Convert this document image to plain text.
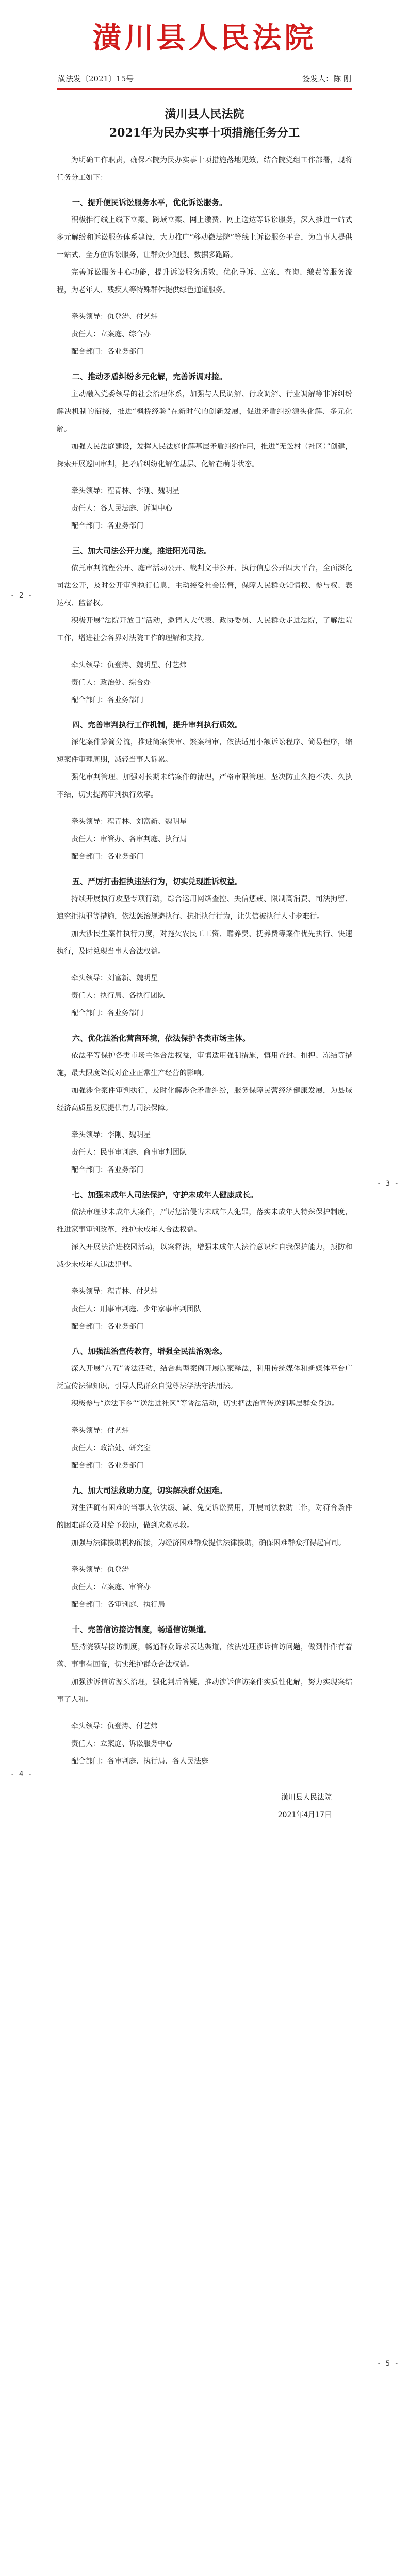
潢川县人民法院
潢法发〔2021〕15号	签发人：陈 刚
潢川县人民法院
2021年为民办实事十项措施任务分工

为明确工作职责，确保本院为民办实事十项措施落地见效，结合院党组工作部署，现将任务分工如下：

一、提升便民诉讼服务水平，优化诉讼服务。

积极推行线上线下立案、跨域立案、网上缴费、网上送达等诉讼服务，深入推进一站式多元解纷和诉讼服务体系建设，大力推广“移动微法院”等线上诉讼服务平台，为当事人提供一站式、全方位诉讼服务，让群众少跑腿、数据多跑路。

完善诉讼服务中心功能，提升诉讼服务质效，优化导诉、立案、查询、缴费等服务流程，为老年人、残疾人等特殊群体提供绿色通道服务。

牵头领导：仇登涛、付艺炜

责任人：立案庭、综合办

配合部门：各业务部门

二、推动矛盾纠纷多元化解，完善诉调对接。

主动融入党委领导的社会治理体系，加强与人民调解、行政调解、行业调解等非诉纠纷解决机制的衔接，推进“枫桥经验”在新时代的创新发展，促进矛盾纠纷源头化解、多元化解。

加强人民法庭建设，发挥人民法庭化解基层矛盾纠纷作用，推进“无讼村（社区）”创建，探索开展巡回审判，把矛盾纠纷化解在基层、化解在萌芽状态。

牵头领导：程青林、李刚、魏明星

责任人：各人民法庭、诉调中心

配合部门：各业务部门

三、加大司法公开力度，推进阳光司法。

依托审判流程公开、庭审活动公开、裁判文书公开、执行信息公开四大平台，全面深化司法公开，及时公开审判执行信息，主动接受社会监督，保障人民群众知情权、参与权、表达权、监督权。

积极开展“法院开放日”活动，邀请人大代表、政协委员、人民群众走进法院，了解法院工作，增进社会各界对法院工作的理解和支持。

牵头领导：仇登涛、魏明星、付艺炜

责任人：政治处、综合办

配合部门：各业务部门

四、完善审判执行工作机制，提升审判执行质效。

深化案件繁简分流，推进简案快审、繁案精审，依法适用小额诉讼程序、简易程序，缩短案件审理周期，减轻当事人诉累。

强化审判管理，加强对长期未结案件的清理，严格审限管理，坚决防止久拖不决、久执不结，切实提高审判执行效率。

牵头领导：程青林、刘富新、魏明星

责任人：审管办、各审判庭、执行局

配合部门：各业务部门

五、严厉打击拒执违法行为，切实兑现胜诉权益。

持续开展执行攻坚专项行动，综合运用网络查控、失信惩戒、限制高消费、司法拘留、追究拒执罪等措施，依法惩治规避执行、抗拒执行行为，让失信被执行人寸步难行。

加大涉民生案件执行力度，对拖欠农民工工资、赡养费、抚养费等案件优先执行、快速执行，及时兑现当事人合法权益。

牵头领导：刘富新、魏明星

责任人：执行局、各执行团队

配合部门：各业务部门

六、优化法治化营商环境，依法保护各类市场主体。

依法平等保护各类市场主体合法权益，审慎适用强制措施，慎用查封、扣押、冻结等措施，最大限度降低对企业正常生产经营的影响。

加强涉企案件审判执行，及时化解涉企矛盾纠纷，服务保障民营经济健康发展，为县域经济高质量发展提供有力司法保障。

牵头领导：李刚、魏明星

责任人：民事审判庭、商事审判团队

配合部门：各业务部门

七、加强未成年人司法保护，守护未成年人健康成长。

依法审理涉未成年人案件，严厉惩治侵害未成年人犯罪，落实未成年人特殊保护制度，推进家事审判改革，维护未成年人合法权益。

深入开展法治进校园活动，以案释法，增强未成年人法治意识和自我保护能力，预防和减少未成年人违法犯罪。

牵头领导：程青林、付艺炜

责任人：刑事审判庭、少年家事审判团队

配合部门：各业务部门

八、加强法治宣传教育，增强全民法治观念。

深入开展“八五”普法活动，结合典型案例开展以案释法，利用传统媒体和新媒体平台广泛宣传法律知识，引导人民群众自觉尊法学法守法用法。

积极参与“送法下乡”“送法进社区”等普法活动，切实把法治宣传送到基层群众身边。

牵头领导：付艺炜

责任人：政治处、研究室

配合部门：各业务部门

九、加大司法救助力度，切实解决群众困难。

对生活确有困难的当事人依法缓、减、免交诉讼费用，开展司法救助工作，对符合条件的困难群众及时给予救助，做到应救尽救。

加强与法律援助机构衔接，为经济困难群众提供法律援助，确保困难群众打得起官司。

牵头领导：仇登涛

责任人：立案庭、审管办

配合部门：各审判庭、执行局

十、完善信访接访制度，畅通信访渠道。

坚持院领导接访制度，畅通群众诉求表达渠道，依法处理涉诉信访问题，做到件件有着落、事事有回音，切实维护群众合法权益。

加强涉诉信访源头治理，强化判后答疑，推动涉诉信访案件实质性化解，努力实现案结事了人和。

牵头领导：仇登涛、付艺炜

责任人：立案庭、诉讼服务中心

配合部门：各审判庭、执行局、各人民法庭

潢川县人民法院
2021年4月17日
- 2 -
- 3 -
- 4 -
- 5 -
